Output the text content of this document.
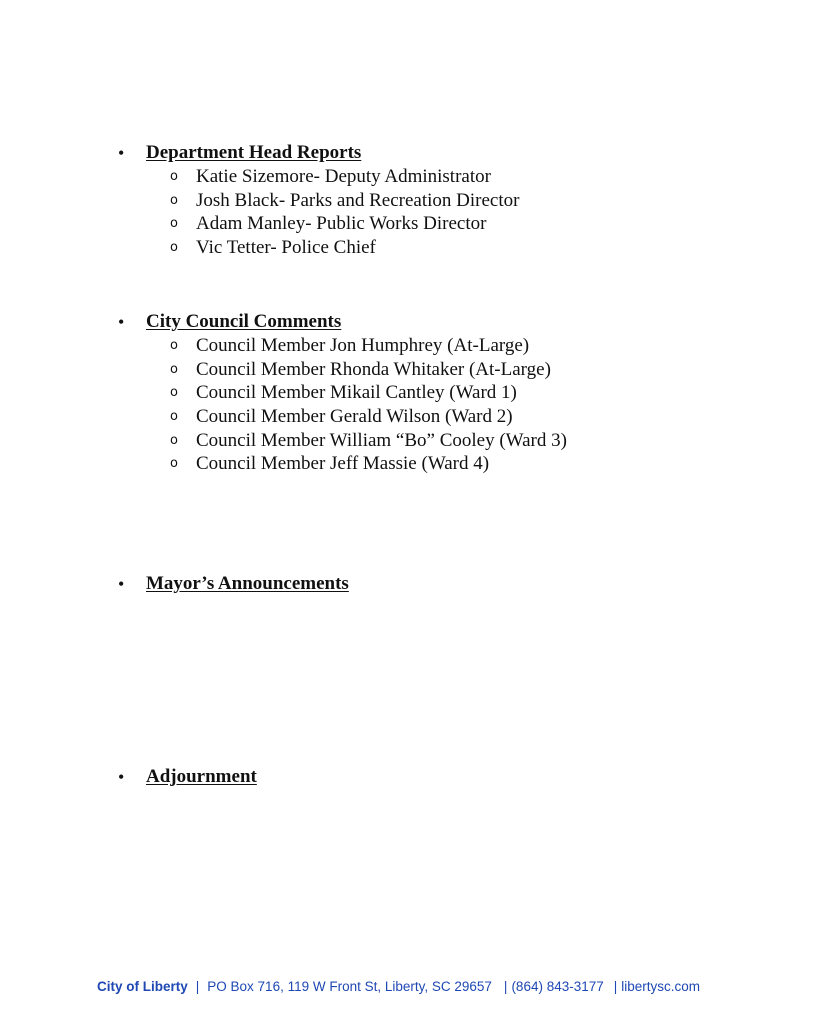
•	Department Head Reports
o Katie Sizemore- Deputy Administrator
o Josh Black- Parks and Recreation Director
o Adam Manley- Public Works Director
o Vic Tetter- Police Chief
•	City Council Comments
o Council Member Jon Humphrey (At-Large)
o Council Member Rhonda Whitaker (At-Large)
o Council Member Mikail Cantley (Ward 1)
o Council Member Gerald Wilson (Ward 2)
o Council Member William “Bo” Cooley (Ward 3)
o Council Member Jeff Massie (Ward 4)
•	Mayor’s Announcements
•	Adjournment
City of Liberty | PO Box 716, 119 W Front St, Liberty, SC 29657 | (864) 843-3177 | libertysc.com
